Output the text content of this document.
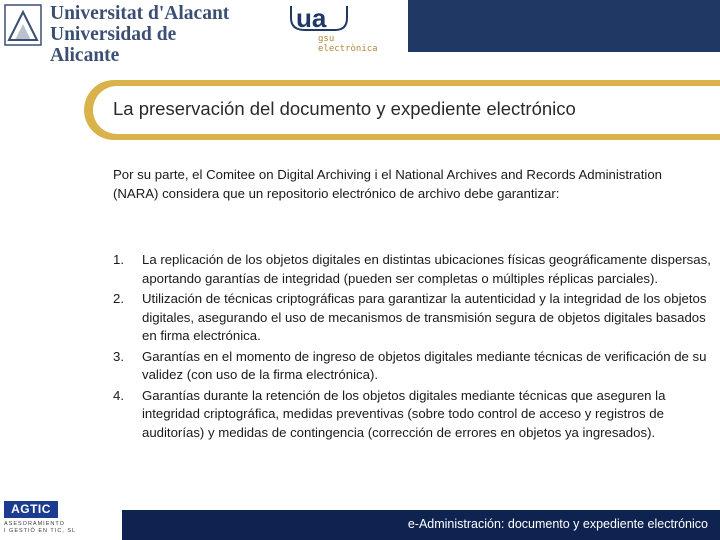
Universitat d'Alacant
Universidad de Alicante
ua
gsu
electrònica
La preservación del documento y expediente electrónico
Por su parte, el Comitee on Digital Archiving i el National Archives and Records Administration (NARA) considera que un repositorio electrónico de archivo debe garantizar:
1. La replicación de los objetos digitales en distintas ubicaciones físicas geográficamente dispersas, aportando garantías de integridad (pueden ser completas o múltiples réplicas parciales).
2. Utilización de técnicas criptográficas para garantizar la autenticidad y la integridad de los objetos digitales, asegurando el uso de mecanismos de transmisión segura de objetos digitales basados en firma electrónica.
3. Garantías en el momento de ingreso de objetos digitales mediante técnicas de verificación de su validez (con uso de la firma electrónica).
4. Garantías durante la retención de los objetos digitales mediante técnicas que aseguren la integridad criptográfica, medidas preventivas (sobre todo control de acceso y registros de auditorías) y medidas de contingencia (corrección de errores en objetos ya ingresados).
AGTIC
ASESORAMIENTO
I GESTIÓ EN TIC, SL	e-Administración: documento y expediente electrónico
